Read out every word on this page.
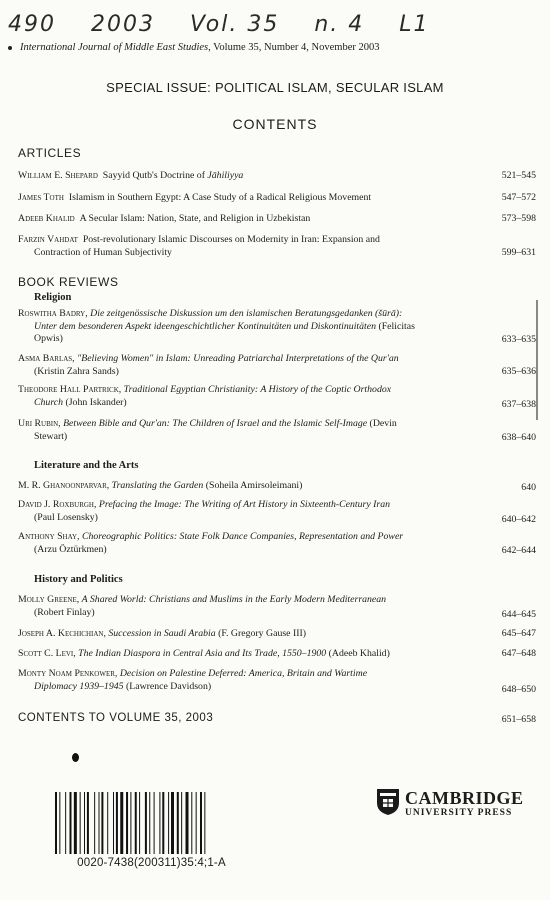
490 2003 Vol. 35 n. 4 L1
International Journal of Middle East Studies, Volume 35, Number 4, November 2003
SPECIAL ISSUE: POLITICAL ISLAM, SECULAR ISLAM
CONTENTS
ARTICLES
William E. Shepard Sayyid Qutb's Doctrine of Jāhiliyya	521–545
James Toth Islamism in Southern Egypt: A Case Study of a Radical Religious Movement	547–572
Adeeb Khalid A Secular Islam: Nation, State, and Religion in Uzbekistan	573–598
Farzin Vahdat Post-revolutionary Islamic Discourses on Modernity in Iran: Expansion and
Contraction of Human Subjectivity	599–631
BOOK REVIEWS
Religion
Roswitha Badry, Die zeitgenössische Diskussion um den islamischen Beratungsgedanken (šūrā):
Unter dem besonderen Aspekt ideengeschichtlicher Kontinuitäten und Diskontinuitäten (Felicitas
Opwis)	633–635
Asma Barlas, "Believing Women" in Islam: Unreading Patriarchal Interpretations of the Qur'an
(Kristin Zahra Sands)	635–636
Theodore Hall Partrick, Traditional Egyptian Christianity: A History of the Coptic Orthodox
Church (John Iskander)	637–638
Uri Rubin, Between Bible and Qur'an: The Children of Israel and the Islamic Self-Image (Devin
Stewart)	638–640
Literature and the Arts
M. R. Ghanoonparvar, Translating the Garden (Soheila Amirsoleimani)	640
David J. Roxburgh, Prefacing the Image: The Writing of Art History in Sixteenth-Century Iran
(Paul Losensky)	640–642
Anthony Shay, Choreographic Politics: State Folk Dance Companies, Representation and Power
(Arzu Öztürkmen)	642–644
History and Politics
Molly Greene, A Shared World: Christians and Muslims in the Early Modern Mediterranean
(Robert Finlay)	644–645
Joseph A. Kechichian, Succession in Saudi Arabia (F. Gregory Gause III)	645–647
Scott C. Levi, The Indian Diaspora in Central Asia and Its Trade, 1550–1900 (Adeeb Khalid)	647–648
Monty Noam Penkower, Decision on Palestine Deferred: America, Britain and Wartime
Diplomacy 1939–1945 (Lawrence Davidson)	648–650
CONTENTS TO VOLUME 35, 2003	651–658
0020-7438(200311)35:4;1-A
CAMBRIDGE
UNIVERSITY PRESS
